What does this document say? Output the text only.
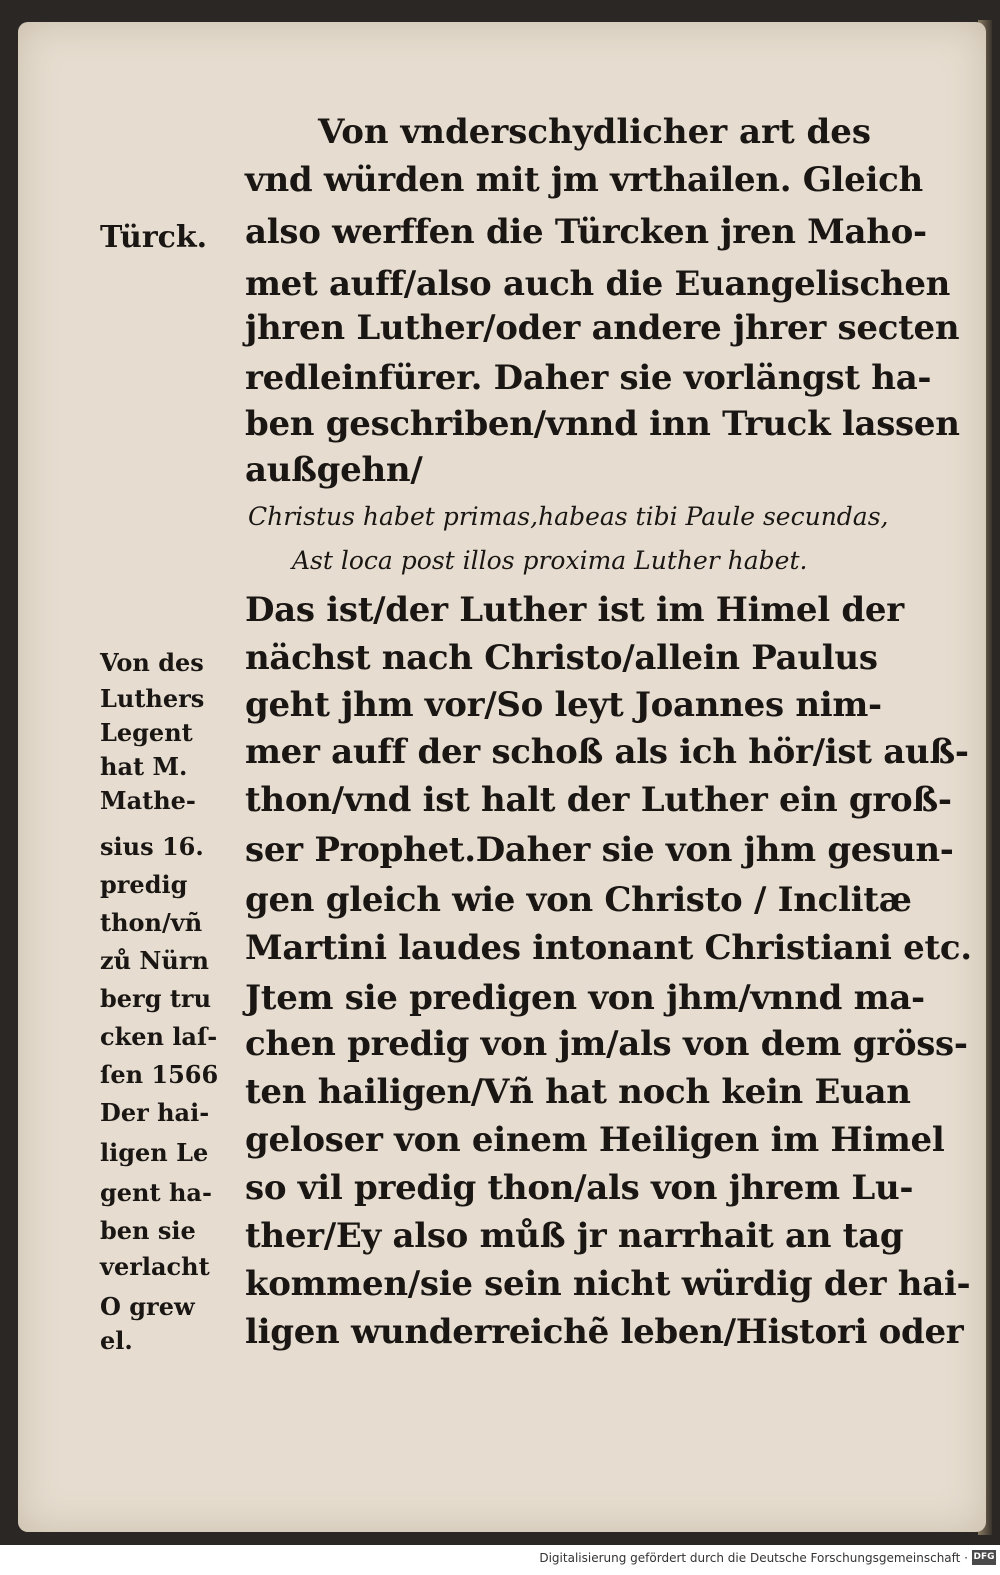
Von vnderschydlicher art des
vnd würden mit jm vrthailen. Gleich
also werffen die Türcken jren Maho-
met auff/also auch die Euangelischen
jhren Luther/oder andere jhrer secten
redleinfürer. Daher sie vorlängst ha-
ben geschriben/vnnd inn Truck lassen
außgehn/
Christus habet primas,habeas tibi Paule secundas,
Ast loca post illos proxima Luther habet.
Das ist/der Luther ist im Himel der
nächst nach Christo/allein Paulus
geht jhm vor/So leyt Joannes nim-
mer auff der schoß als ich hör/ist auß-
thon/vnd ist halt der Luther ein groß-
ser Prophet.Daher sie von jhm gesun-
gen gleich wie von Christo / Inclitæ
Martini laudes intonant Christiani etc.
Jtem sie predigen von jhm/vnnd ma-
chen predig von jm/als von dem gröss-
ten hailigen/Vñ hat noch kein Euan
geloser von einem Heiligen im Himel
so vil predig thon/als von jhrem Lu-
ther/Ey also můß jr narrhait an tag
kommen/sie sein nicht würdig der hai-
ligen wunderreichẽ leben/Histori oder
Türck.
Von des
Luthers
Legent
hat M.
Mathe-
sius 16.
predig
thon/vñ
zů Nürn
berg tru
cken laſ-
ſen 1566
Der hai-
ligen Le
gent ha-
ben sie
verlacht
O grew
el.
Digitalisierung gefördert durch die Deutsche Forschungsgemeinschaft · DFG
